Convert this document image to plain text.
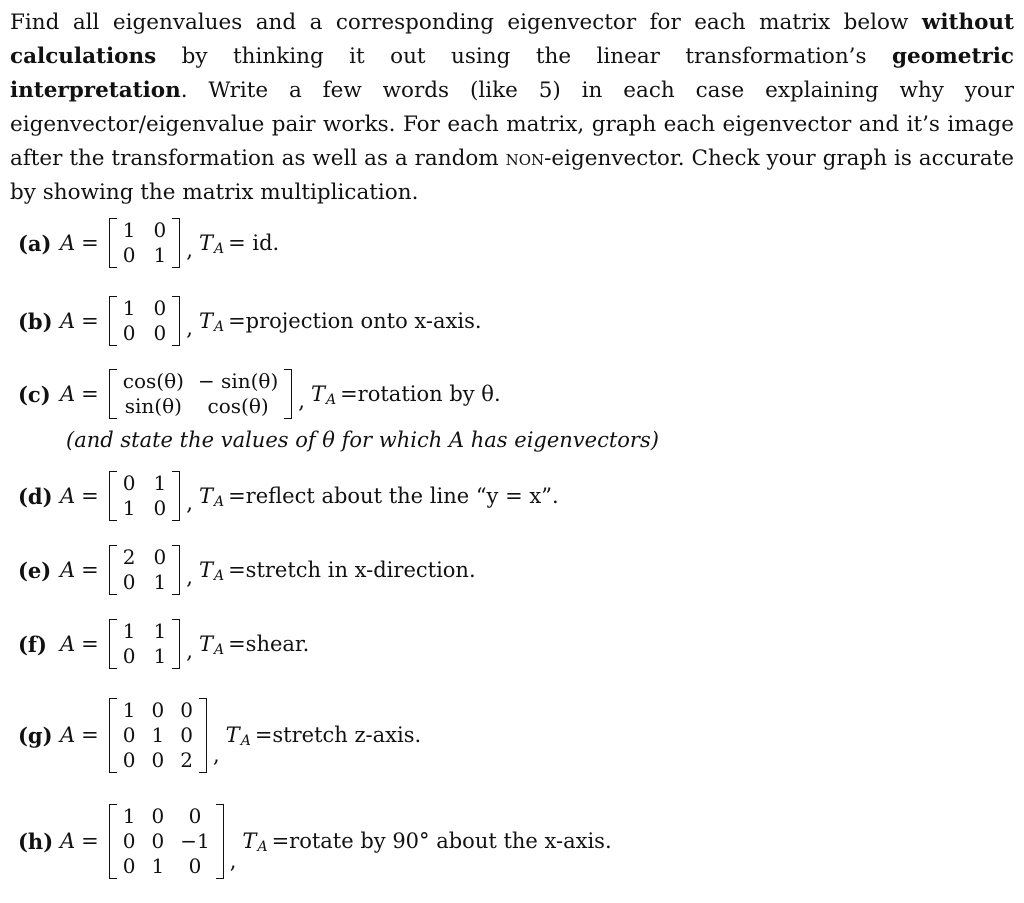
Find all eigenvalues and a corresponding eigenvector for each matrix below without calculations by thinking it out using the linear transformation’s geometric interpretation. Write a few words (like 5) in each case explaining why your eigenvector/eigenvalue pair works. For each matrix, graph each eigenvector and it’s image after the transformation as well as a random non-eigenvector. Check your graph is accurate by showing the matrix multiplication.
(a) A =
1 0
0 1 , T A = id.
(b) A =
1 0
0 0 , T A =projection onto x-axis.
(c) A =
cos(θ) − sin(θ)
sin(θ)	cos(θ)	, T A =rotation by θ.
(and state the values of θ for which A has eigenvectors)
(d) A =
0 1
1 0 , T A =reflect about the line “y = x”.
(e) A =
2 0
0 1 , T A =stretch in x-direction.
(f) A =
1 1
0 1 , T A =shear.
(g) A =
1 0 0
0 1 0
0 0 2 ,
T A =stretch z-axis.
(h) A =
1 0	0
0 0 −1
0 1	0	,
T A =rotate by 90° about the x-axis.
